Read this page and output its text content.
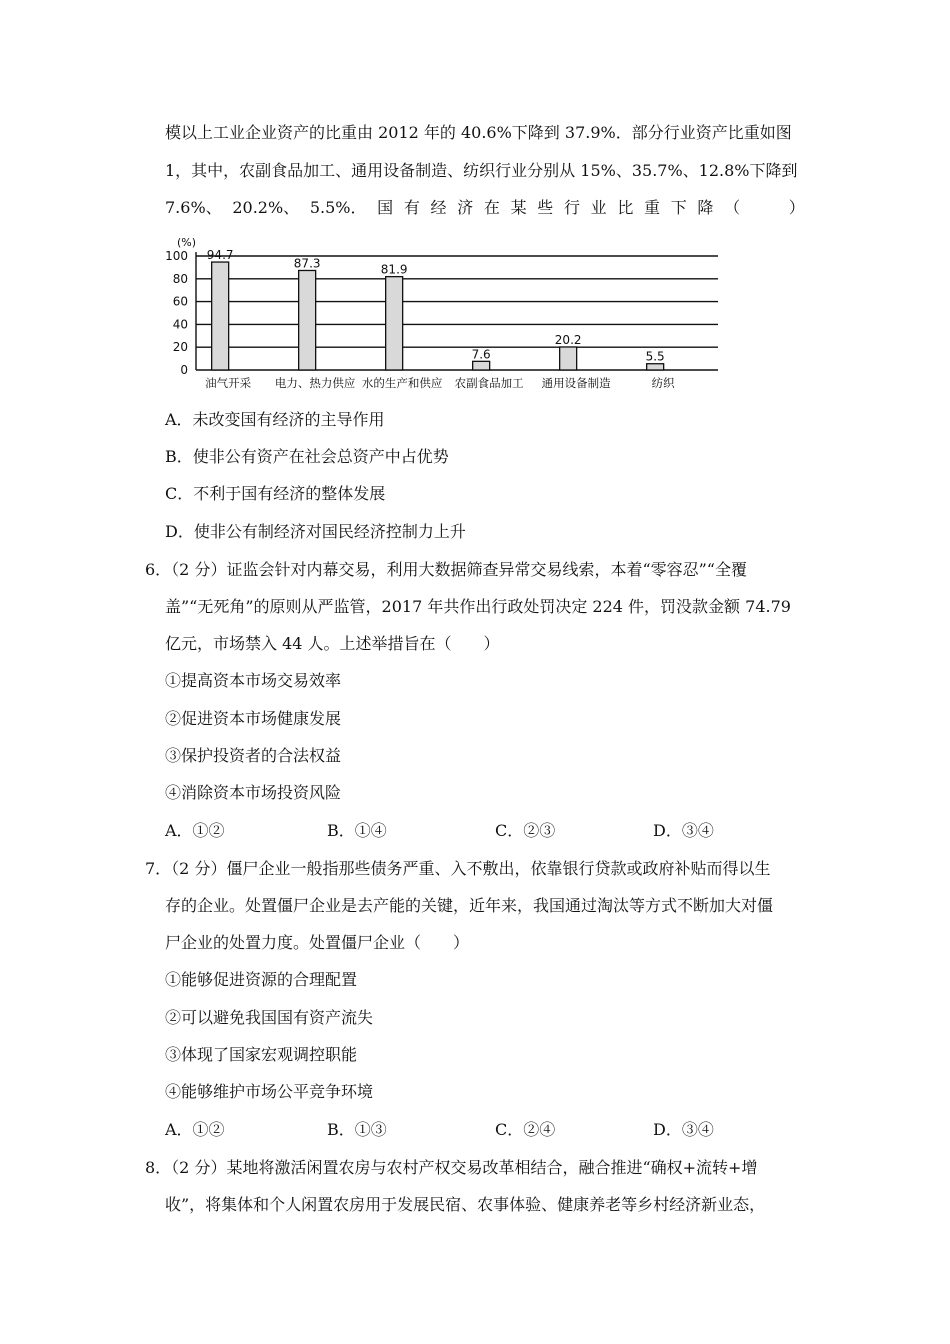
模以上工业企业资产的比重由 2012 年的 40.6%下降到 37.9%．部分行业资产比重如图
1，其中，农副食品加工、通用设备制造、纺织行业分别从 15%、35.7%、12.8%下降到
7.6%、 20.2%、 5.5%． 国 有 经 济 在 某 些 行 业 比 重 下 降 （	）
(%)
0
20
40
60
80
100 94.7
油气开采
87.3
电力、热力供应
81.9
水的生产和供应
7.6
农副食品加工
20.2
通用设备制造
5.5
纺织
A．未改变国有经济的主导作用
B．使非公有资产在社会总资产中占优势
C．不利于国有经济的整体发展
D．使非公有制经济对国民经济控制力上升
6．（2 分）证监会针对内幕交易，利用大数据筛查异常交易线索，本着“零容忍”“全覆
盖”“无死角”的原则从严监管，2017 年共作出行政处罚决定 224 件，罚没款金额 74.79
亿元，市场禁入 44 人。上述举措旨在（　　）
①提高资本市场交易效率
②促进资本市场健康发展
③保护投资者的合法权益
④消除资本市场投资风险
A．①②	B．①④	C．②③	D．③④
7．（2 分）僵尸企业一般指那些债务严重、入不敷出，依靠银行贷款或政府补贴而得以生
存的企业。处置僵尸企业是去产能的关键，近年来，我国通过淘汰等方式不断加大对僵
尸企业的处置力度。处置僵尸企业（　　）
①能够促进资源的合理配置
②可以避免我国国有资产流失
③体现了国家宏观调控职能
④能够维护市场公平竞争环境
A．①②	B．①③	C．②④	D．③④
8．（2 分）某地将激活闲置农房与农村产权交易改革相结合，融合推进“确权+流转+增
收”，将集体和个人闲置农房用于发展民宿、农事体验、健康养老等乡村经济新业态，
